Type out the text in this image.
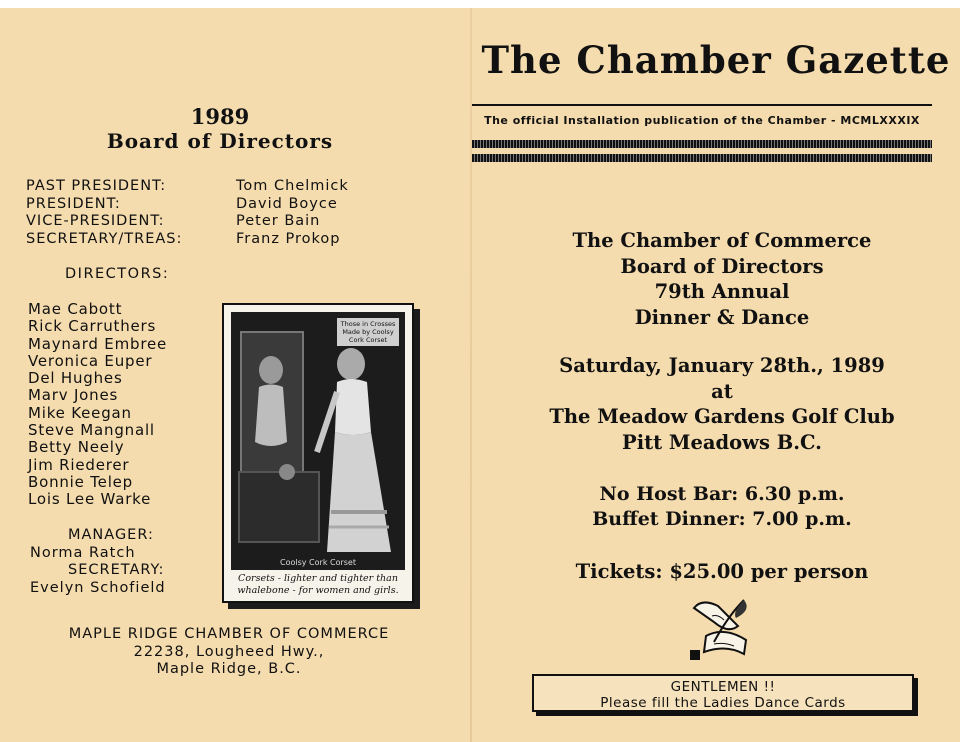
1989
Board of Directors
PAST PRESIDENT:	Tom Chelmick
PRESIDENT:	David Boyce
VICE-PRESIDENT:	Peter Bain
SECRETARY/TREAS:	Franz Prokop
DIRECTORS:
Mae Cabott
Rick Carruthers
Maynard Embree
Veronica Euper
Del Hughes
Marv Jones
Mike Keegan
Steve Mangnall
Betty Neely
Jim Riederer
Bonnie Telep
Lois Lee Warke
MANAGER:
Norma Ratch
SECRETARY:
Evelyn Schofield
MAPLE RIDGE CHAMBER OF COMMERCE
22238, Lougheed Hwy.,
Maple Ridge, B.C.
Those in Crosses Made by Coolsy Cork Corset
Coolsy Cork Corset
Corsets - lighter and tighter than
whalebone - for women and girls.
The Chamber Gazette
The official Installation publication of the Chamber - MCMLXXXIX
The Chamber of Commerce
Board of Directors
79th Annual
Dinner & Dance
Saturday, January 28th., 1989
at
The Meadow Gardens Golf Club
Pitt Meadows B.C.
No Host Bar: 6.30 p.m.
Buffet Dinner: 7.00 p.m.
Tickets: $25.00 per person
GENTLEMEN !!
Please fill the Ladies Dance Cards
